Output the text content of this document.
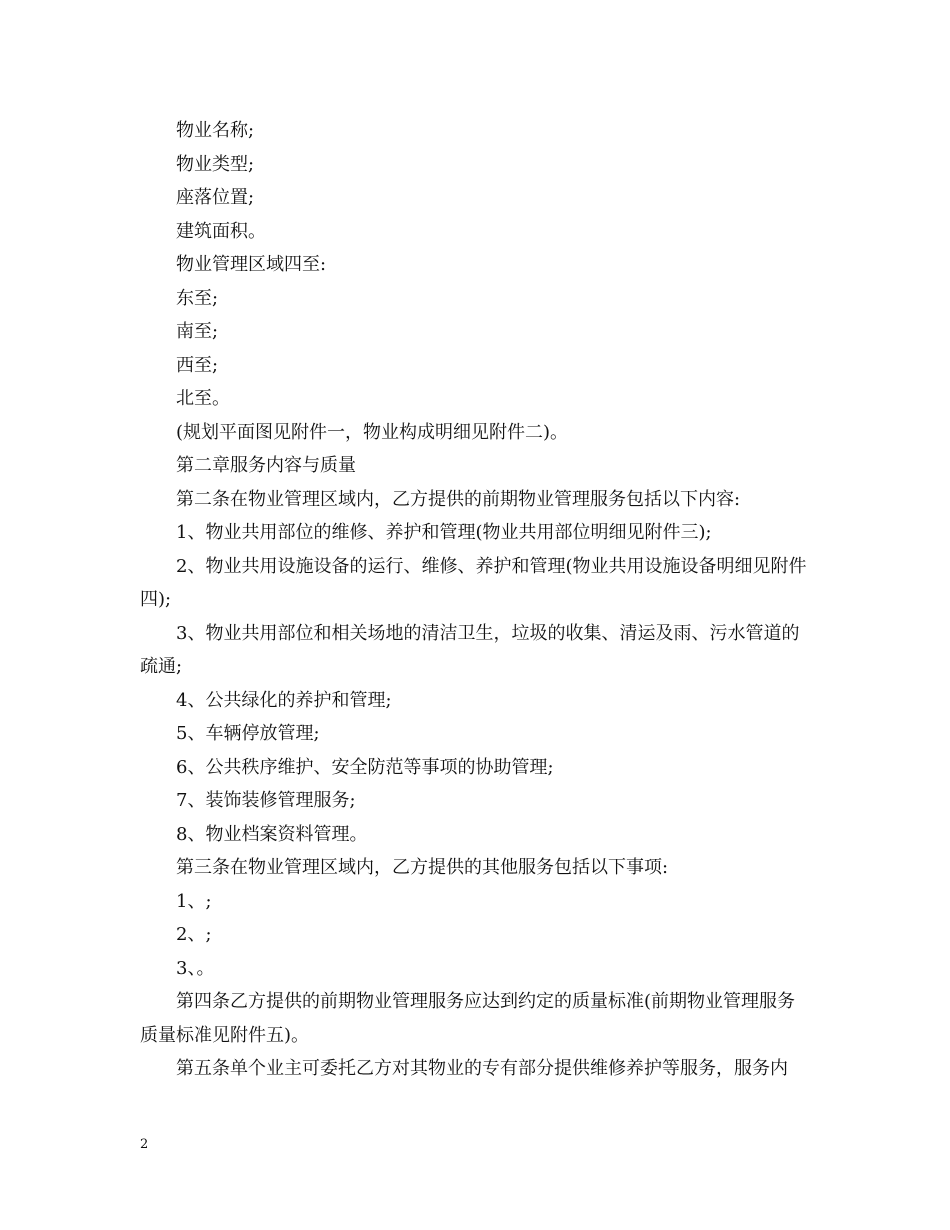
物业名称;

物业类型;

座落位置;

建筑面积。

物业管理区域四至:

东至;

南至;

西至;

北至。

(规划平面图见附件一，物业构成明细见附件二)。

第二章服务内容与质量

第二条在物业管理区域内，乙方提供的前期物业管理服务包括以下内容:

1、物业共用部位的维修、养护和管理(物业共用部位明细见附件三);

2、物业共用设施设备的运行、维修、养护和管理(物业共用设施设备明细见附件四);

3、物业共用部位和相关场地的清洁卫生，垃圾的收集、清运及雨、污水管道的疏通;

4、公共绿化的养护和管理;

5、车辆停放管理;

6、公共秩序维护、安全防范等事项的协助管理;

7、装饰装修管理服务;

8、物业档案资料管理。

第三条在物业管理区域内，乙方提供的其他服务包括以下事项:

1、;

2、;

3、。

第四条乙方提供的前期物业管理服务应达到约定的质量标准(前期物业管理服务质量标准见附件五)。

第五条单个业主可委托乙方对其物业的专有部分提供维修养护等服务，服务内

2
